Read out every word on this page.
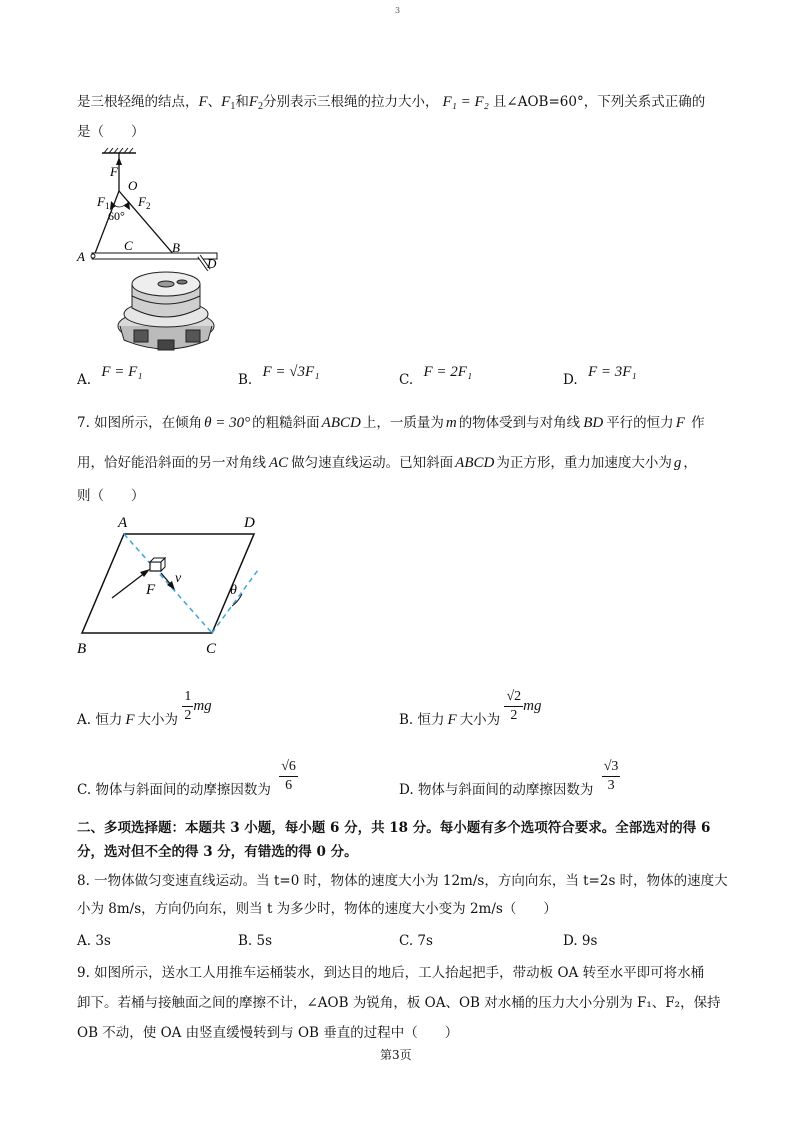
3
是三根轻绳的结点，F、$F_1$和$F_2$分别表示三根绳的拉力大小， F₁ = F₂ 且∠AOB=60°，下列关系式正确的
是（　　）
F
O
$F_1$ $F_2$
60°
A
C	B
D
A. F = F₁	B. F = √3F₁	C. F = 2F₁	D. F = 3F₁
7. 如图所示，在倾角 θ = 30° 的粗糙斜面 ABCD 上，一质量为 m 的物体受到与对角线 BD 平行的恒力 F 作
用，恰好能沿斜面的另一对角线 AC 做匀速直线运动。已知斜面 ABCD 为正方形，重力加速度大小为 g ，
则（　　）
A	D
B	C
F
v
θ
A. 恒力 F 大小为 $\frac{1}{2}$ mg
B. 恒力 F 大小为 $\frac{√2}{2}$ mg
C. 物体与斜面间的动摩擦因数为 $\frac{√6}{6}$	D. 物体与斜面间的动摩擦因数为 $\frac{√3}{3}$
二、多项选择题：本题共 3 小题，每小题 6 分，共 18 分。每小题有多个选项符合要求。全部选对的得 6
分，选对但不全的得 3 分，有错选的得 0 分。
8. 一物体做匀变速直线运动。当 t=0 时，物体的速度大小为 12m/s，方向向东，当 t=2s 时，物体的速度大
小为 8m/s，方向仍向东，则当 t 为多少时，物体的速度大小变为 2m/s（　　）
A. 3s	B. 5s	C. 7s	D. 9s
9. 如图所示，送水工人用推车运桶装水，到达目的地后，工人抬起把手，带动板 OA 转至水平即可将水桶
卸下。若桶与接触面之间的摩擦不计，∠AOB 为锐角，板 OA、OB 对水桶的压力大小分别为 F₁、F₂，保持
OB 不动，使 OA 由竖直缓慢转到与 OB 垂直的过程中（　　）
第3页
